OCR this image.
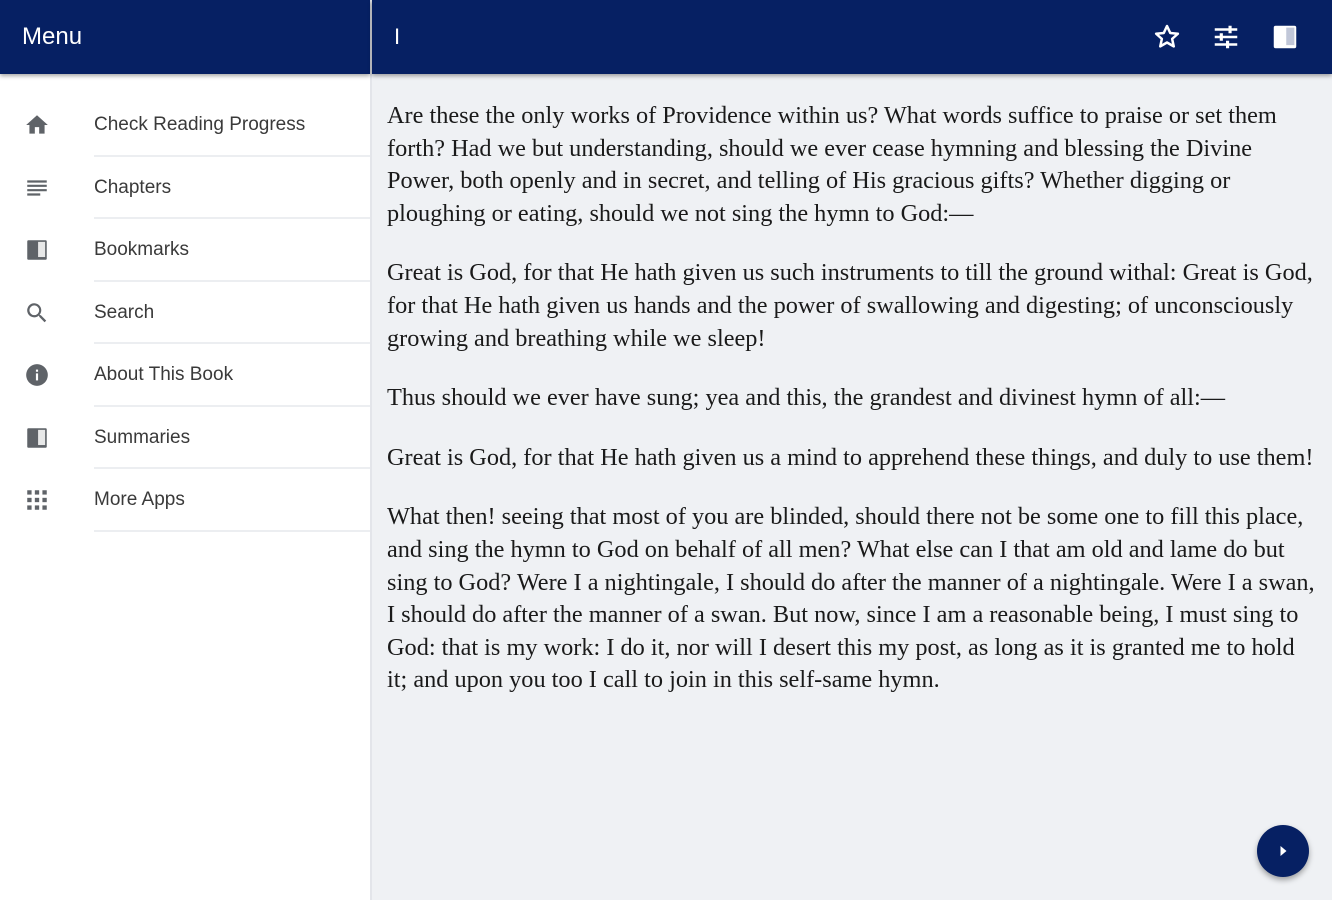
Menu
Check Reading Progress
Chapters
Bookmarks
Search
About This Book
Summaries
More Apps
I

Are these the only works of Providence within us? What words suffice to praise or set them forth? Had we but understanding, should we ever cease hymning and blessing the Divine Power, both openly and in secret, and telling of His gracious gifts? Whether digging or ploughing or eating, should we not sing the hymn to God:—

Great is God, for that He hath given us such instruments to till the ground withal: Great is God, for that He hath given us hands and the power of swallowing and digesting; of unconsciously growing and breathing while we sleep!

Thus should we ever have sung; yea and this, the grandest and divinest hymn of all:—

Great is God, for that He hath given us a mind to apprehend these things, and duly to use them!

What then! seeing that most of you are blinded, should there not be some one to fill this place, and sing the hymn to God on behalf of all men? What else can I that am old and lame do but sing to God? Were I a nightingale, I should do after the manner of a nightingale. Were I a swan, I should do after the manner of a swan. But now, since I am a reasonable being, I must sing to God: that is my work: I do it, nor will I desert this my post, as long as it is granted me to hold it; and upon you too I call to join in this self-same hymn.
